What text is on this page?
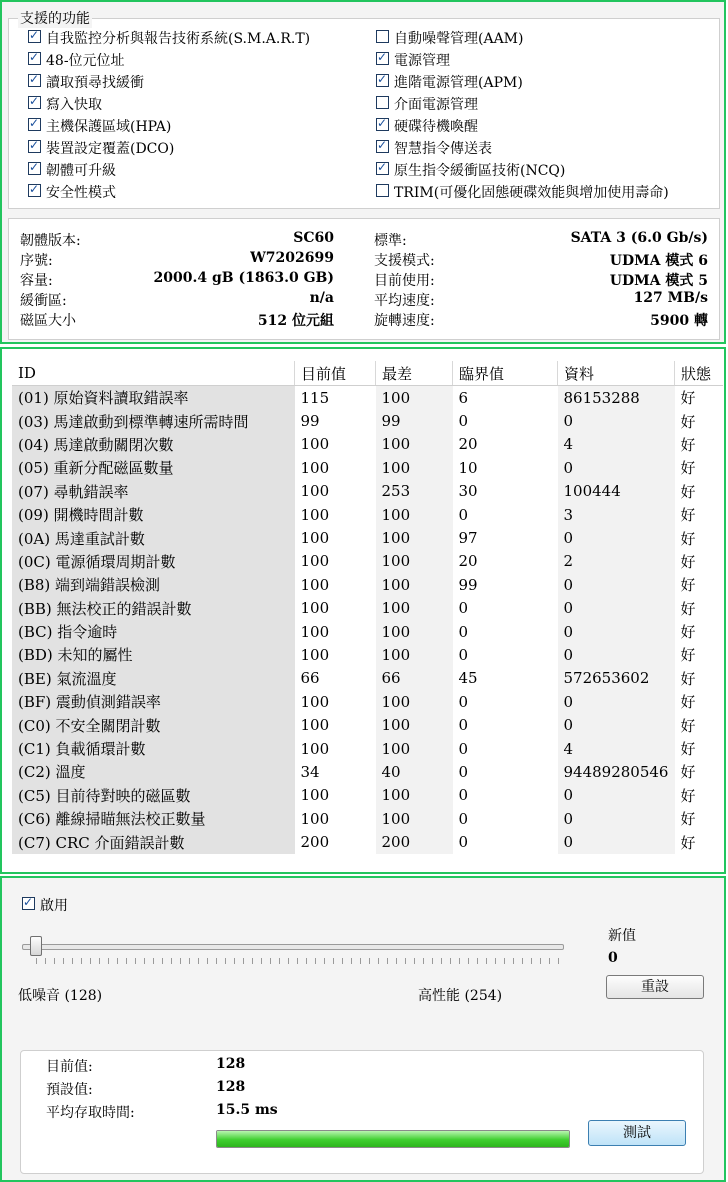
支援的功能
✓
自我監控分析與報告技術系統(S.M.A.R.T)
✓
48-位元位址
✓
讀取預尋找緩衝
✓
寫入快取
✓
主機保護區域(HPA)
✓
裝置設定覆蓋(DCO)
✓
韌體可升級
✓
安全性模式
自動噪聲管理(AAM)
✓
電源管理
✓
進階電源管理(APM)
介面電源管理
✓
硬碟待機喚醒
✓
智慧指令傳送表
✓
原生指令緩衝區技術(NCQ)
TRIM(可優化固態硬碟效能與增加使用壽命)
韌體版本:	SC60
序號:	W7202699
容量:	2000.4 gB (1863.0 GB)
緩衝區:	n/a
磁區大小	512 位元組
標準:	SATA 3 (6.0 Gb/s)
支援模式:	UDMA 模式 6
目前使用:	UDMA 模式 5
平均速度:	127 MB/s
旋轉速度:	5900 轉
ID	目前值	最差	臨界值	資料	狀態
(01) 原始資料讀取錯誤率	115	100	6	86153288	好
(03) 馬達啟動到標準轉速所需時間	99	99	0	0	好
(04) 馬達啟動關閉次數	100	100	20	4	好
(05) 重新分配磁區數量	100	100	10	0	好
(07) 尋軌錯誤率	100	253	30	100444	好
(09) 開機時間計數	100	100	0	3	好
(0A) 馬達重試計數	100	100	97	0	好
(0C) 電源循環周期計數	100	100	20	2	好
(B8) 端到端錯誤檢測	100	100	99	0	好
(BB) 無法校正的錯誤計數	100	100	0	0	好
(BC) 指令逾時	100	100	0	0	好
(BD) 未知的屬性	100	100	0	0	好
(BE) 氣流溫度	66	66	45	572653602	好
(BF) 震動偵測錯誤率	100	100	0	0	好
(C0) 不安全關閉計數	100	100	0	0	好
(C1) 負載循環計數	100	100	0	4	好
(C2) 溫度	34	40	0	94489280546	好
(C5) 目前待對映的磁區數	100	100	0	0	好
(C6) 離線掃瞄無法校正數量	100	100	0	0	好
(C7) CRC 介面錯誤計數	200	200	0	0	好
✓
啟用
低噪音 (128)	高性能 (254)
新值
0
重設
目前值:	128
預設值:	128
平均存取時間:	15.5 ms
測試
